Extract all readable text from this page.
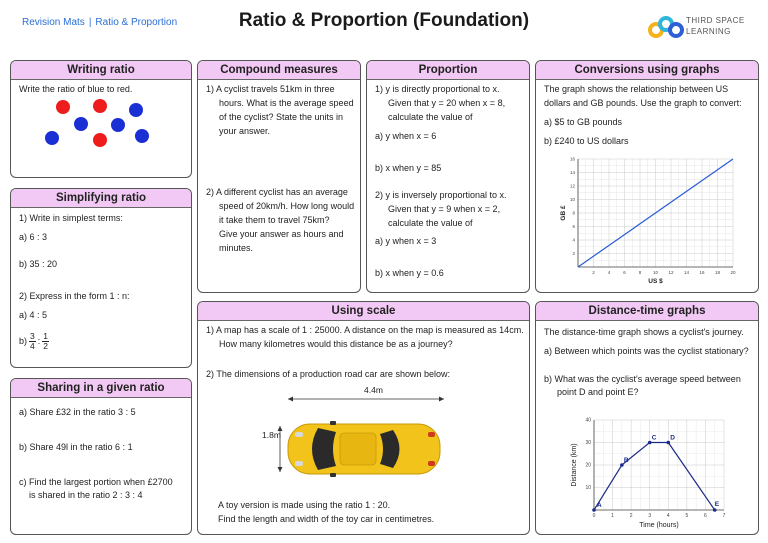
Revision Mats | Ratio & Proportion	Ratio & Proportion (Foundation)	THIRD SPACE
LEARNING
Writing ratio
Write the ratio of blue to red.
Simplifying ratio
1) Write in simplest terms:
a) 6 : 3
b) 35 : 20
2) Express in the form 1 : n:
a) 4 : 5
$b) \frac{3}{4}$ : $\frac{1}{2}$
Sharing in a given ratio
a) Share £32 in the ratio 3 : 5
b) Share 49l in the ratio 6 : 1
c) Find the largest portion when £2700
is shared in the ratio 2 : 3 : 4
Compound measures
1) A cyclist travels 51km in three
hours. What is the average speed
of the cyclist? State the units in
your answer.
2) A different cyclist has an average
speed of 20km/h. How long would
it take them to travel 75km?
Give your answer as hours and
minutes.
Proportion
1) y is directly proportional to x.
Given that y = 20 when x = 8,
calculate the value of
a) y when x = 6
b) x when y = 85
2) y is inversely proportional to x.
Given that y = 9 when x = 2,
calculate the value of
a) y when x = 3
b) x when y = 0.6
Conversions using graphs
The graph shows the relationship between US
dollars and GB pounds. Use the graph to convert:
a) $5 to GB pounds
b) £240 to US dollars
2	4	6	8	10 12 14 16 18 20
2
4
6
8
10
12
14
16
US $
GB £
Using scale
1) A map has a scale of 1 : 25000. A distance on the map is measured as 14cm.
How many kilometres would this distance be as a journey?
2) The dimensions of a production road car are shown below:
4.4m
1.8m
A toy version is made using the ratio 1 : 20.
Find the length and width of the toy car in centimetres.
Distance-time graphs
The distance-time graph shows a cyclist's journey.
a) Between which points was the cyclist stationary?
b) What was the cyclist's average speed between
point D and point E?
0	1	2	3	4	5	6	7
10
20
30
40
Time (hours)
Distance (km)
A
B
C D
E
